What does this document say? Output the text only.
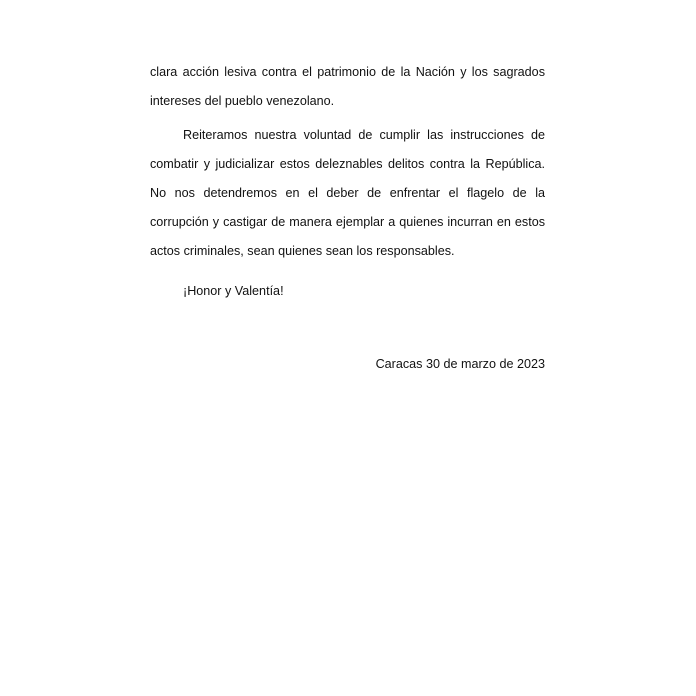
clara acción lesiva contra el patrimonio de la Nación y los sagrados
intereses del pueblo venezolano.
Reiteramos nuestra voluntad de cumplir las instrucciones de
combatir y judicializar estos deleznables delitos contra la República.
No nos detendremos en el deber de enfrentar el flagelo de la
corrupción y castigar de manera ejemplar a quienes incurran en estos
actos criminales, sean quienes sean los responsables.
¡Honor y Valentía!
Caracas 30 de marzo de 2023
